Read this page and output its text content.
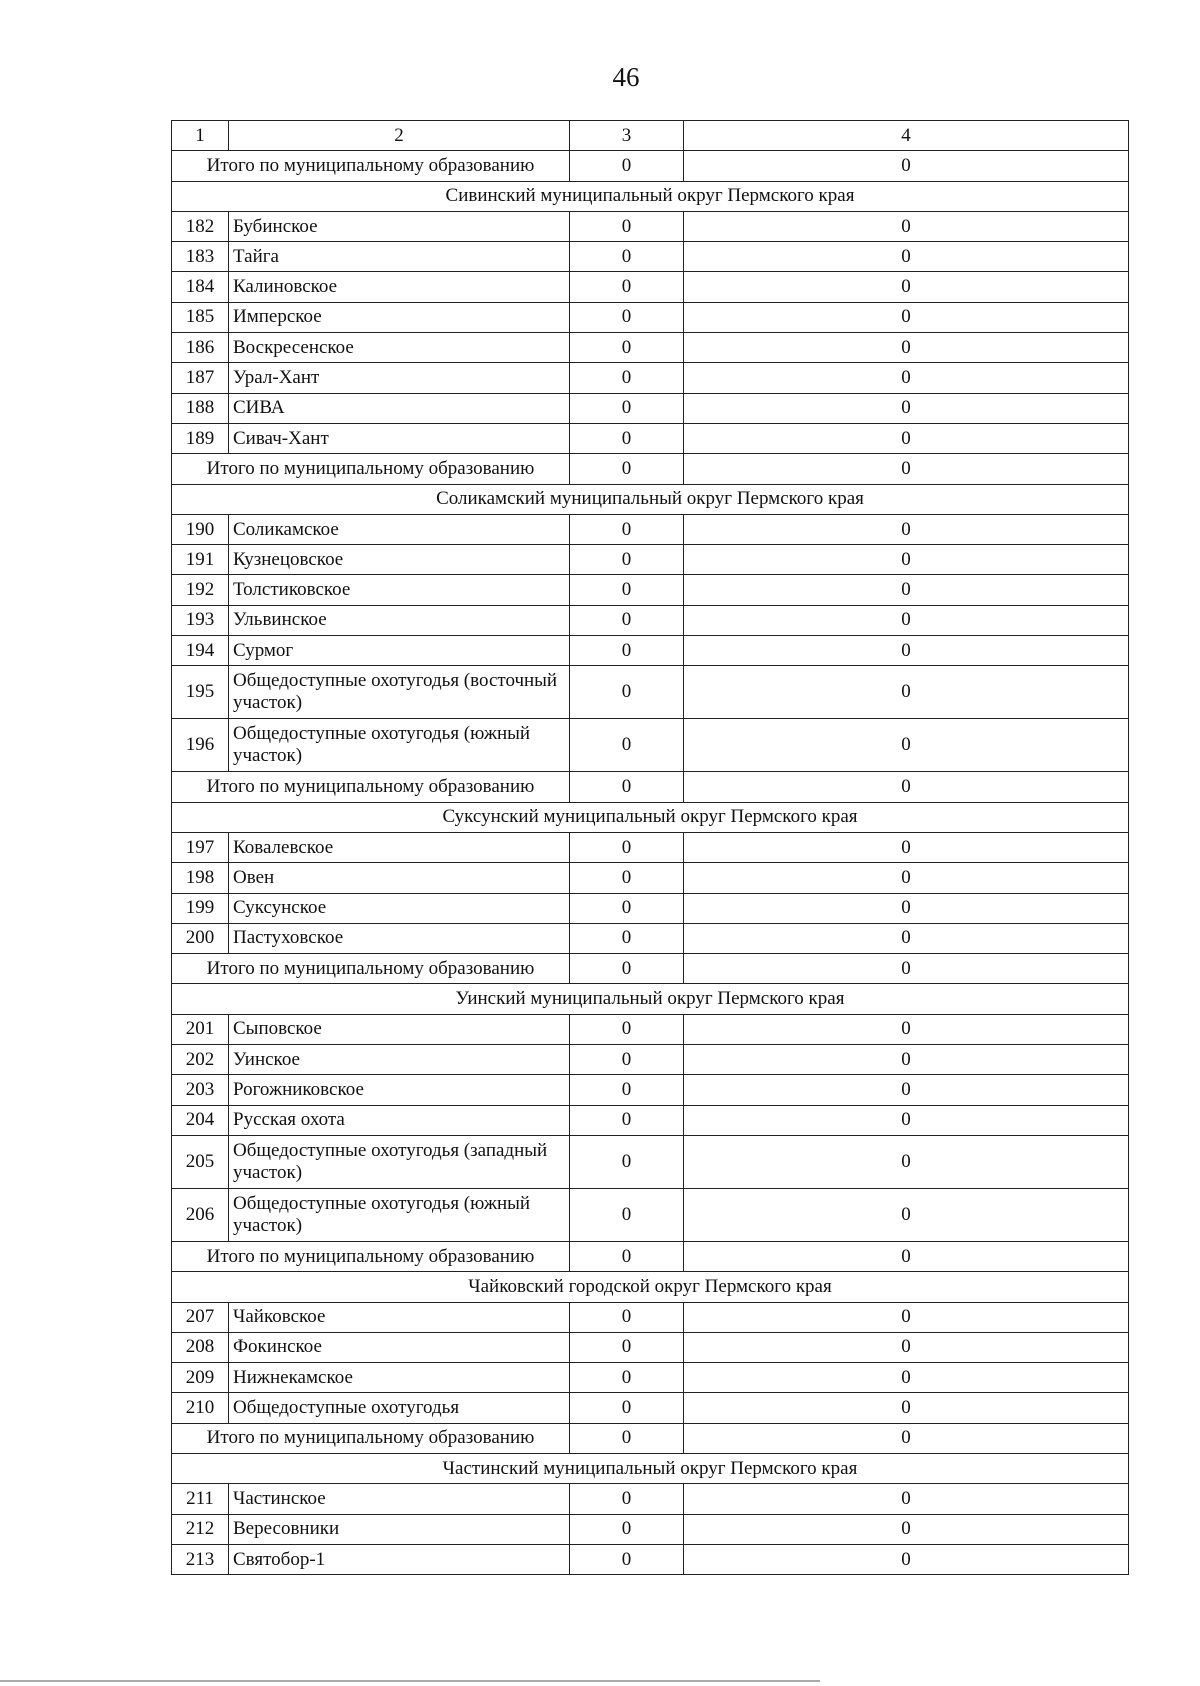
46
1	2	3	4
Итого по муниципальному образованию		0	0
Сивинский муниципальный округ Пермского края			
182	Бубинское	0	0
183	Тайга	0	0
184	Калиновское	0	0
185	Имперское	0	0
186	Воскресенское	0	0
187	Урал-Хант	0	0
188	СИВА	0	0
189	Сивач-Хант	0	0
Итого по муниципальному образованию		0	0
Соликамский муниципальный округ Пермского края			
190	Соликамское	0	0
191	Кузнецовское	0	0
192	Толстиковское	0	0
193	Ульвинское	0	0
194	Сурмог	0	0
195	Общедоступные охотугодья (восточный участок)	0	0
196	Общедоступные охотугодья (южный участок)	0	0
Итого по муниципальному образованию		0	0
Суксунский муниципальный округ Пермского края			
197	Ковалевское	0	0
198	Овен	0	0
199	Суксунское	0	0
200	Пастуховское	0	0
Итого по муниципальному образованию		0	0
Уинский муниципальный округ Пермского края			
201	Сыповское	0	0
202	Уинское	0	0
203	Рогожниковское	0	0
204	Русская охота	0	0
205	Общедоступные охотугодья (западный участок)	0	0
206	Общедоступные охотугодья (южный участок)	0	0
Итого по муниципальному образованию		0	0
Чайковский городской округ Пермского края			
207	Чайковское	0	0
208	Фокинское	0	0
209	Нижнекамское	0	0
210	Общедоступные охотугодья	0	0
Итого по муниципальному образованию		0	0
Частинский муниципальный округ Пермского края			
211	Частинское	0	0
212	Вересовники	0	0
213	Святобор-1	0	0
